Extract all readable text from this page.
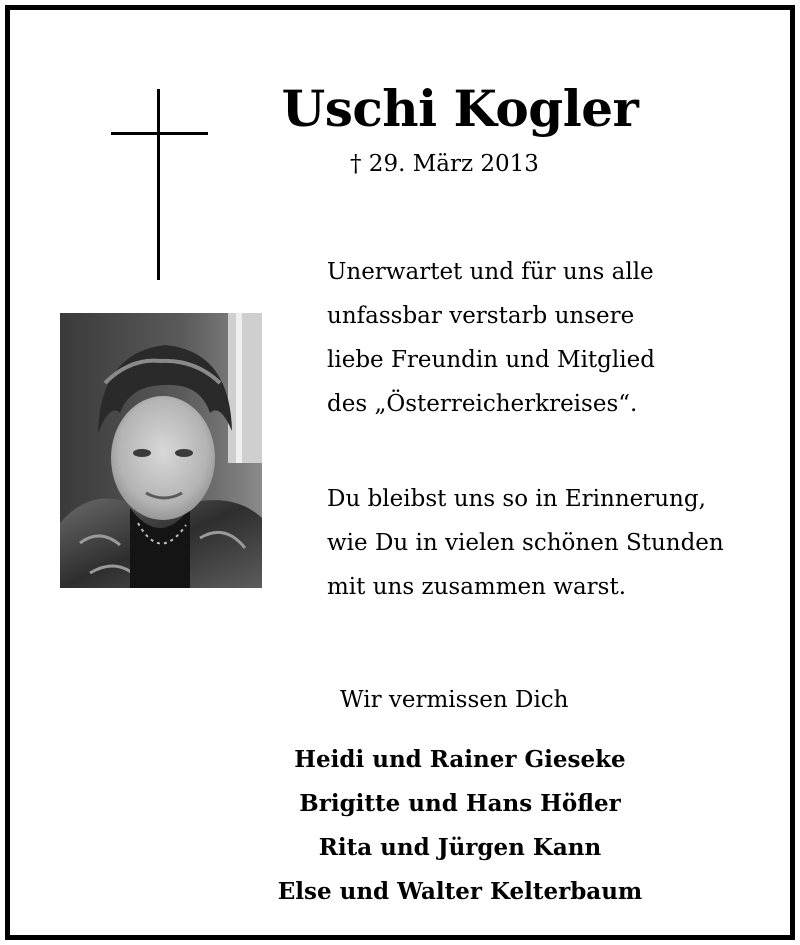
Uschi Kogler
† 29. März 2013
Unerwartet und für uns alle
unfassbar verstarb unsere
liebe Freundin und Mitglied
des „Österreicherkreises“.
Du bleibst uns so in Erinnerung,
wie Du in vielen schönen Stunden
mit uns zusammen warst.
Wir vermissen Dich
Heidi und Rainer Gieseke
Brigitte und Hans Höfler
Rita und Jürgen Kann
Else und Walter Kelterbaum
